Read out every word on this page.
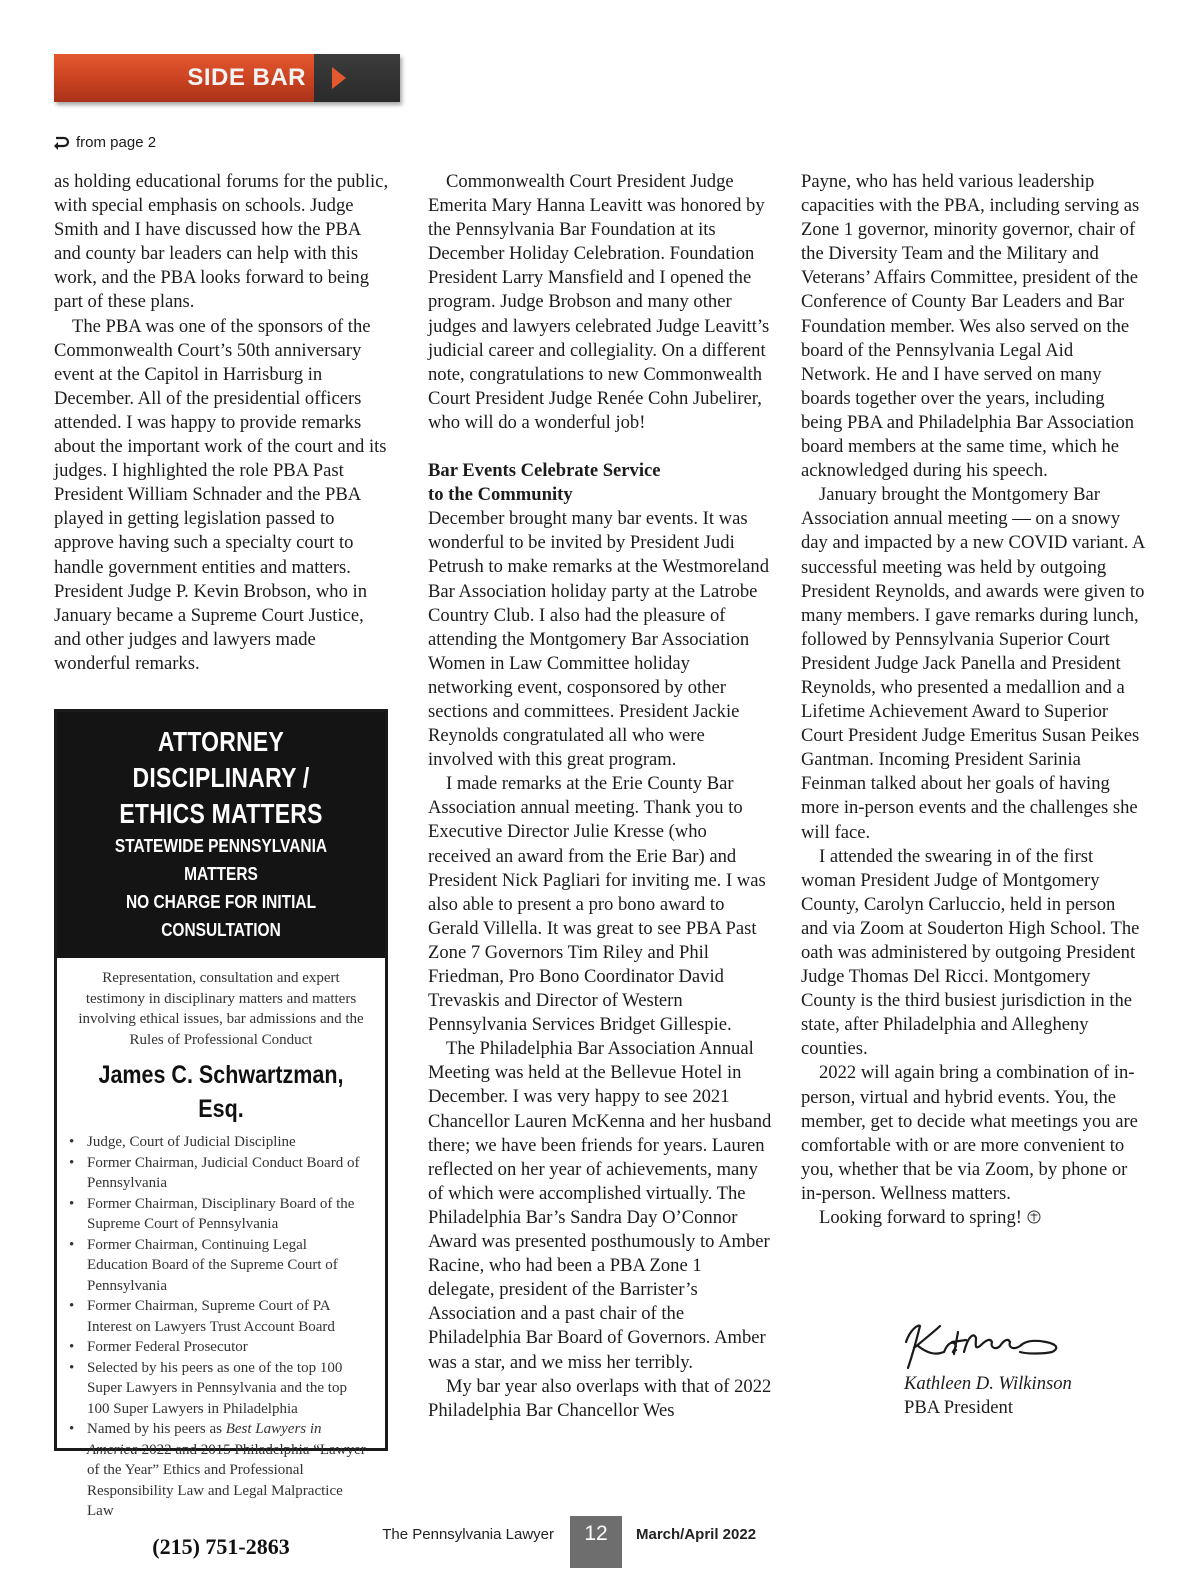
SIDE BAR
from page 2

as holding educational forums for the public, with special emphasis on schools. Judge Smith and I have discussed how the PBA and county bar leaders can help with this work, and the PBA looks forward to being part of these plans.

The PBA was one of the sponsors of the Commonwealth Court’s 50th anniversary event at the Capitol in Harrisburg in December. All of the presidential officers attended. I was happy to provide remarks about the important work of the court and its judges. I highlighted the role PBA Past President William Schnader and the PBA played in getting legislation passed to approve having such a specialty court to handle government entities and matters. President Judge P. Kevin Brobson, who in January became a Supreme Court Justice, and other judges and lawyers made wonderful remarks.

ATTORNEY DISCIPLINARY /
ETHICS MATTERS
STATEWIDE PENNSYLVANIA MATTERS
NO CHARGE FOR INITIAL CONSULTATION
Representation, consultation and expert testimony in disciplinary matters and matters involving ethical issues, bar admissions and the Rules of Professional Conduct
James C. Schwartzman, Esq.
• Judge, Court of Judicial Discipline
• Former Chairman, Judicial Conduct Board of Pennsylvania
• Former Chairman, Disciplinary Board of the Supreme Court of Pennsylvania
• Former Chairman, Continuing Legal Education Board of the Supreme Court of Pennsylvania
• Former Chairman, Supreme Court of PA Interest on Lawyers Trust Account Board
• Former Federal Prosecutor
• Selected by his peers as one of the top 100 Super Lawyers in Pennsylvania and the top 100 Super Lawyers in Philadelphia
• Named by his peers as Best Lawyers in America 2022 and 2015 Philadelphia “Lawyer of the Year” Ethics and Professional Responsibility Law and Legal Malpractice Law
(215) 751-2863

Commonwealth Court President Judge Emerita Mary Hanna Leavitt was honored by the Pennsylvania Bar Foundation at its December Holiday Celebration. Foundation President Larry Mansfield and I opened the program. Judge Brobson and many other judges and lawyers celebrated Judge Leavitt’s judicial career and collegiality. On a different note, congratulations to new Commonwealth Court President Judge Renée Cohn Jubelirer, who will do a wonderful job!

Bar Events Celebrate Service
to the Community

December brought many bar events. It was wonderful to be invited by President Judi Petrush to make remarks at the Westmoreland Bar Association holiday party at the Latrobe Country Club. I also had the pleasure of attending the Montgomery Bar Association Women in Law Committee holiday networking event, cosponsored by other sections and committees. President Jackie Reynolds congratulated all who were involved with this great program.

I made remarks at the Erie County Bar Association annual meeting. Thank you to Executive Director Julie Kresse (who received an award from the Erie Bar) and President Nick Pagliari for inviting me. I was also able to present a pro bono award to Gerald Villella. It was great to see PBA Past Zone 7 Governors Tim Riley and Phil Friedman, Pro Bono Coordinator David Trevaskis and Director of Western Pennsylvania Services Bridget Gillespie.

The Philadelphia Bar Association Annual Meeting was held at the Bellevue Hotel in December. I was very happy to see 2021 Chancellor Lauren McKenna and her husband there; we have been friends for years. Lauren reflected on her year of achievements, many of which were accomplished virtually. The Philadelphia Bar’s Sandra Day O’Connor Award was presented posthumously to Amber Racine, who had been a PBA Zone 1 delegate, president of the Barrister’s Association and a past chair of the Philadelphia Bar Board of Governors. Amber was a star, and we miss her terribly.

My bar year also overlaps with that of 2022 Philadelphia Bar Chancellor Wes

Payne, who has held various leadership capacities with the PBA, including serving as Zone 1 governor, minority governor, chair of the Diversity Team and the Military and Veterans’ Affairs Committee, president of the Conference of County Bar Leaders and Bar Foundation member. Wes also served on the board of the Pennsylvania Legal Aid Network. He and I have served on many boards together over the years, including being PBA and Philadelphia Bar Association board members at the same time, which he acknowledged during his speech.

January brought the Montgomery Bar Association annual meeting — on a snowy day and impacted by a new COVID variant. A successful meeting was held by outgoing President Reynolds, and awards were given to many members. I gave remarks during lunch, followed by Pennsylvania Superior Court President Judge Jack Panella and President Reynolds, who presented a medallion and a Lifetime Achievement Award to Superior Court President Judge Emeritus Susan Peikes Gantman. Incoming President Sarinia Feinman talked about her goals of having more in-person events and the challenges she will face.

I attended the swearing in of the first woman President Judge of Montgomery County, Carolyn Carluccio, held in person and via Zoom at Souderton High School. The oath was administered by outgoing President Judge Thomas Del Ricci. Montgomery County is the third busiest jurisdiction in the state, after Philadelphia and Allegheny counties.

2022 will again bring a combination of in-person, virtual and hybrid events. You, the member, get to decide what meetings you are comfortable with or are more convenient to you, whether that be via Zoom, by phone or in-person. Wellness matters.

Looking forward to spring!

Kathleen D. Wilkinson
PBA President
The Pennsylvania Lawyer	12	March/April 2022
